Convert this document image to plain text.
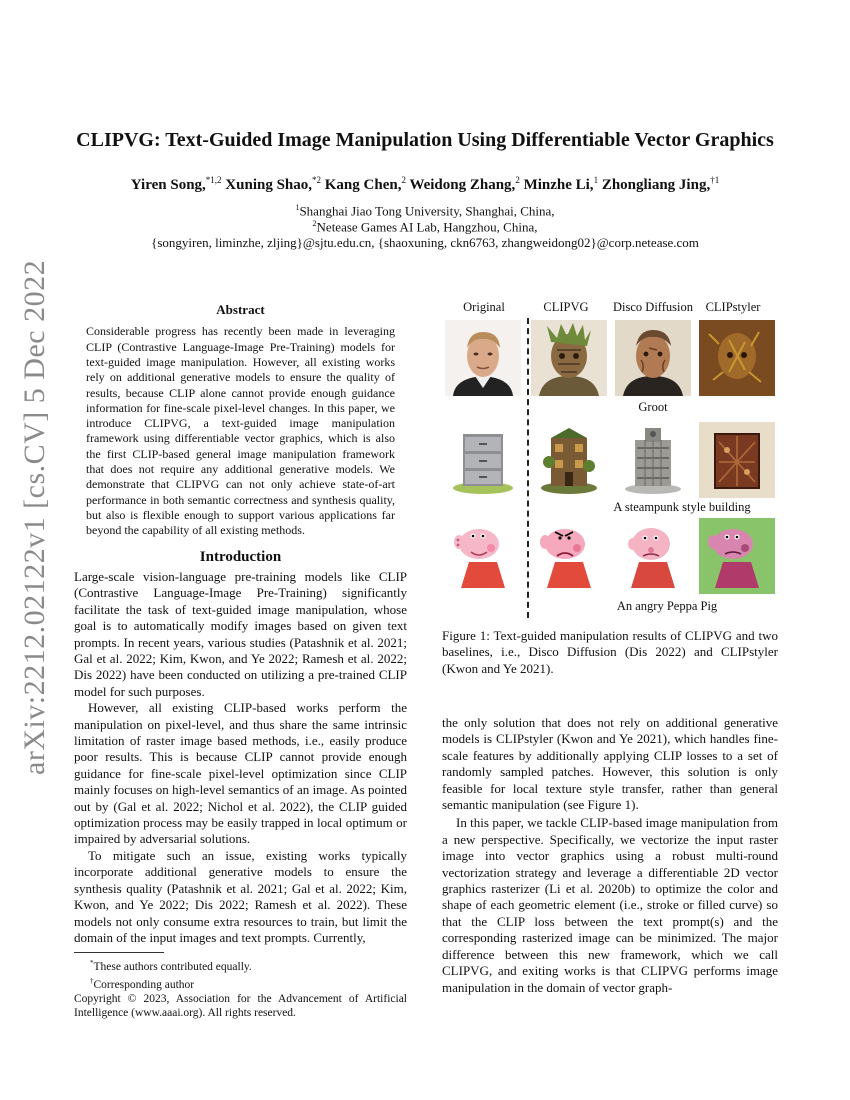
arXiv:2212.02122v1 [cs.CV] 5 Dec 2022
CLIPVG: Text-Guided Image Manipulation Using Differentiable Vector Graphics
Yiren Song,$^{*1,2}$ Xuning Shao,$^{*2}$ Kang Chen,$^2$ Weidong Zhang,$^2$ Minzhe Li,$^1$ Zhongliang Jing,$^{\dagger 1}$
$^1$Shanghai Jiao Tong University, Shanghai, China,
$^2$Netease Games AI Lab, Hangzhou, China,
{songyiren, liminzhe, zljing}@sjtu.edu.cn, {shaoxuning, ckn6763, zhangweidong02}@corp.netease.com

Abstract

Considerable progress has recently been made in leveraging CLIP (Contrastive Language-Image Pre-Training) models for text-guided image manipulation. However, all existing works rely on additional generative models to ensure the quality of results, because CLIP alone cannot provide enough guidance information for fine-scale pixel-level changes. In this paper, we introduce CLIPVG, a text-guided image manipulation framework using differentiable vector graphics, which is also the first CLIP-based general image manipulation framework that does not require any additional generative models. We demonstrate that CLIPVG can not only achieve state-of-art performance in both semantic correctness and synthesis quality, but also is flexible enough to support various applications far beyond the capability of all existing methods.

Introduction

Large-scale vision-language pre-training models like CLIP (Contrastive Language-Image Pre-Training) significantly facilitate the task of text-guided image manipulation, whose goal is to automatically modify images based on given text prompts. In recent years, various studies (Patashnik et al. 2021; Gal et al. 2022; Kim, Kwon, and Ye 2022; Ramesh et al. 2022; Dis 2022) have been conducted on utilizing a pre-trained CLIP model for such purposes.

However, all existing CLIP-based works perform the manipulation on pixel-level, and thus share the same intrinsic limitation of raster image based methods, i.e., easily produce poor results. This is because CLIP cannot provide enough guidance for fine-scale pixel-level optimization since CLIP mainly focuses on high-level semantics of an image. As pointed out by (Gal et al. 2022; Nichol et al. 2022), the CLIP guided optimization process may be easily trapped in local optimum or impaired by adversarial solutions.

To mitigate such an issue, existing works typically incorporate additional generative models to ensure the synthesis quality (Patashnik et al. 2021; Gal et al. 2022; Kim, Kwon, and Ye 2022; Dis 2022; Ramesh et al. 2022). These models not only consume extra resources to train, but limit the domain of the input images and text prompts. Currently,

*These authors contributed equally.

†Corresponding author

Copyright © 2023, Association for the Advancement of Artificial Intelligence (www.aaai.org). All rights reserved.

Original	CLIPVG	Disco Diffusion	CLIPstyler
Groot
A steampunk style building
An angry Peppa Pig
Figure 1: Text-guided manipulation results of CLIPVG and two baselines, i.e., Disco Diffusion (Dis 2022) and CLIPstyler (Kwon and Ye 2021).

the only solution that does not rely on additional generative models is CLIPstyler (Kwon and Ye 2021), which handles fine-scale features by additionally applying CLIP losses to a set of randomly sampled patches. However, this solution is only feasible for local texture style transfer, rather than general semantic manipulation (see Figure 1).

In this paper, we tackle CLIP-based image manipulation from a new perspective. Specifically, we vectorize the input raster image into vector graphics using a robust multi-round vectorization strategy and leverage a differentiable 2D vector graphics rasterizer (Li et al. 2020b) to optimize the color and shape of each geometric element (i.e., stroke or filled curve) so that the CLIP loss between the text prompt(s) and the corresponding rasterized image can be minimized. The major difference between this new framework, which we call CLIPVG, and exiting works is that CLIPVG performs image manipulation in the domain of vector graph-
